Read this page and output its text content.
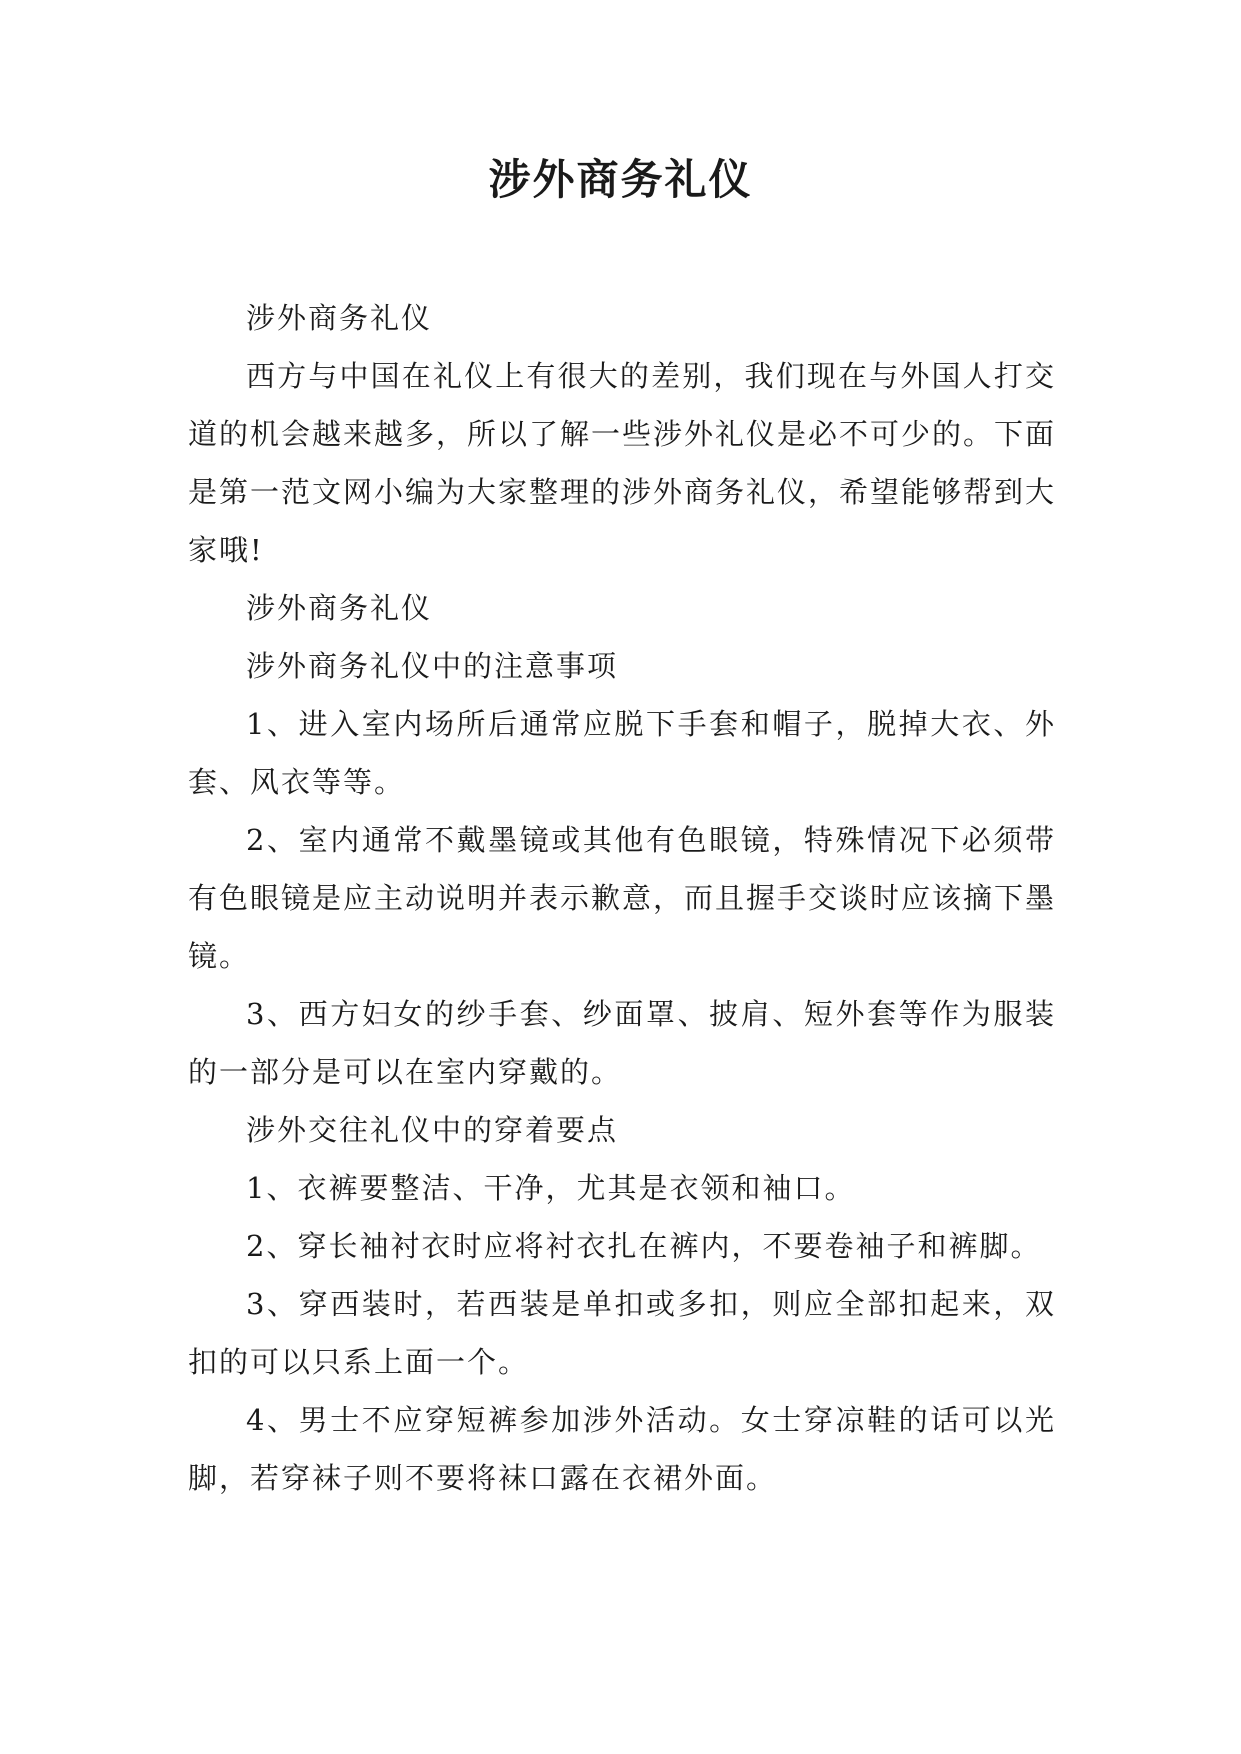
涉外商务礼仪

涉外商务礼仪

西方与中国在礼仪上有很大的差别，我们现在与外国人打交道的机会越来越多，所以了解一些涉外礼仪是必不可少的。下面是第一范文网小编为大家整理的涉外商务礼仪，希望能够帮到大家哦!

涉外商务礼仪

涉外商务礼仪中的注意事项

1、进入室内场所后通常应脱下手套和帽子，脱掉大衣、外套、风衣等等。

2、室内通常不戴墨镜或其他有色眼镜，特殊情况下必须带有色眼镜是应主动说明并表示歉意，而且握手交谈时应该摘下墨镜。

3、西方妇女的纱手套、纱面罩、披肩、短外套等作为服装的一部分是可以在室内穿戴的。

涉外交往礼仪中的穿着要点

1、衣裤要整洁、干净，尤其是衣领和袖口。

2、穿长袖衬衣时应将衬衣扎在裤内，不要卷袖子和裤脚。

3、穿西装时，若西装是单扣或多扣，则应全部扣起来，双扣的可以只系上面一个。

4、男士不应穿短裤参加涉外活动。女士穿凉鞋的话可以光脚，若穿袜子则不要将袜口露在衣裙外面。
